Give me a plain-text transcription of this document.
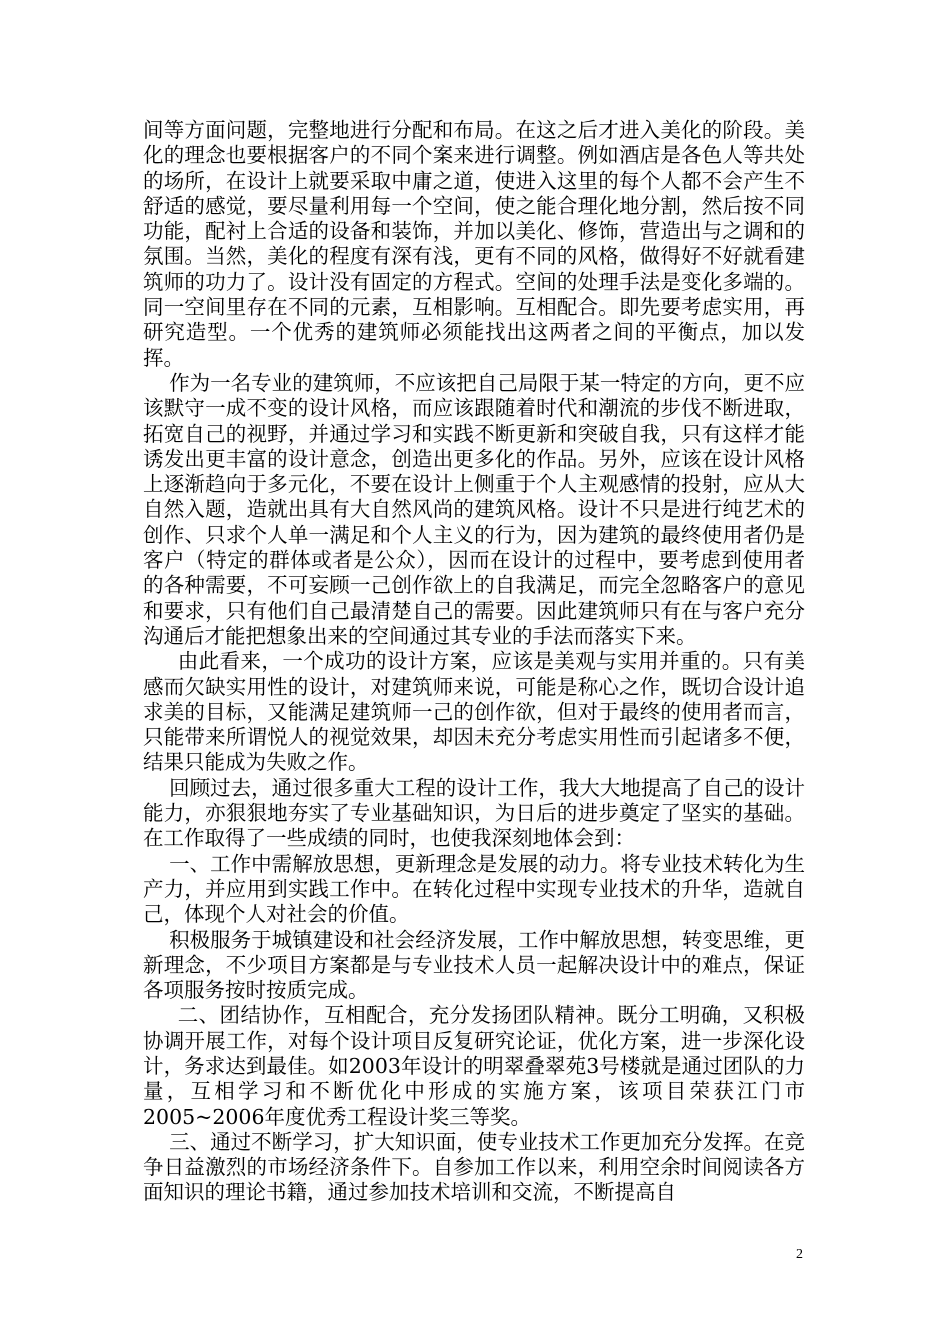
间等方面问题，完整地进行分配和布局。在这之后才进入美化的阶段。美化的理念也要根据客户的不同个案来进行调整。例如酒店是各色人等共处的场所，在设计上就要采取中庸之道，使进入这里的每个人都不会产生不舒适的感觉，要尽量利用每一个空间，使之能合理化地分割，然后按不同功能，配衬上合适的设备和装饰，并加以美化、修饰，营造出与之调和的氛围。当然，美化的程度有深有浅，更有不同的风格，做得好不好就看建筑师的功力了。设计没有固定的方程式。空间的处理手法是变化多端的。同一空间里存在不同的元素，互相影响。互相配合。即先要考虑实用，再研究造型。一个优秀的建筑师必须能找出这两者之间的平衡点，加以发挥。

作为一名专业的建筑师，不应该把自己局限于某一特定的方向，更不应该默守一成不变的设计风格，而应该跟随着时代和潮流的步伐不断进取，拓宽自己的视野，并通过学习和实践不断更新和突破自我，只有这样才能诱发出更丰富的设计意念，创造出更多化的作品。另外，应该在设计风格上逐渐趋向于多元化，不要在设计上侧重于个人主观感情的投射，应从大自然入题，造就出具有大自然风尚的建筑风格。设计不只是进行纯艺术的创作、只求个人单一满足和个人主义的行为，因为建筑的最终使用者仍是客户（特定的群体或者是公众），因而在设计的过程中，要考虑到使用者的各种需要，不可妄顾一己创作欲上的自我满足，而完全忽略客户的意见和要求，只有他们自己最清楚自己的需要。因此建筑师只有在与客户充分沟通后才能把想象出来的空间通过其专业的手法而落实下来。

由此看来，一个成功的设计方案，应该是美观与实用并重的。只有美感而欠缺实用性的设计，对建筑师来说，可能是称心之作，既切合设计追求美的目标，又能满足建筑师一己的创作欲，但对于最终的使用者而言，只能带来所谓悦人的视觉效果，却因未充分考虑实用性而引起诸多不便，结果只能成为失败之作。

回顾过去，通过很多重大工程的设计工作，我大大地提高了自己的设计能力，亦狠狠地夯实了专业基础知识，为日后的进步奠定了坚实的基础。在工作取得了一些成绩的同时，也使我深刻地体会到：

一、工作中需解放思想，更新理念是发展的动力。将专业技术转化为生产力，并应用到实践工作中。在转化过程中实现专业技术的升华，造就自己，体现个人对社会的价值。

积极服务于城镇建设和社会经济发展，工作中解放思想，转变思维，更新理念，不少项目方案都是与专业技术人员一起解决设计中的难点，保证各项服务按时按质完成。

二、团结协作，互相配合，充分发扬团队精神。既分工明确，又积极协调开展工作，对每个设计项目反复研究论证，优化方案，进一步深化设计，务求达到最佳。如2003年设计的明翠叠翠苑3号楼就是通过团队的力量，互相学习和不断优化中形成的实施方案，该项目荣获江门市2005~2006年度优秀工程设计奖三等奖。

三、通过不断学习，扩大知识面，使专业技术工作更加充分发挥。在竞争日益激烈的市场经济条件下。自参加工作以来，利用空余时间阅读各方面知识的理论书籍，通过参加技术培训和交流，不断提高自

2
